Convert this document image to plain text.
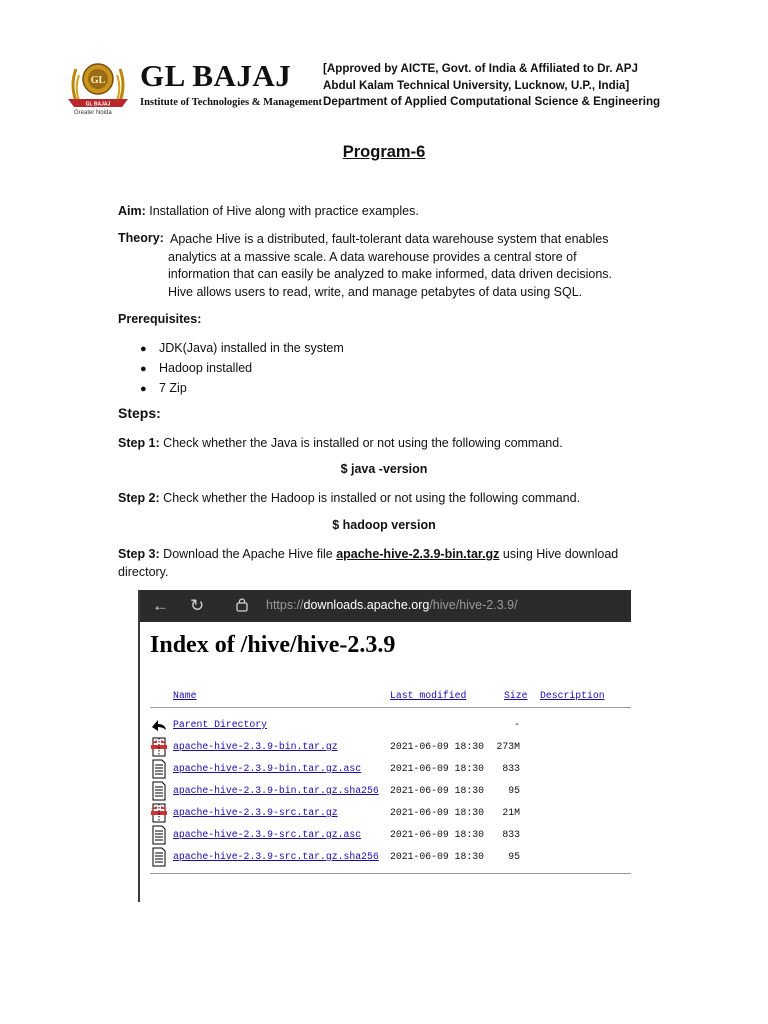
GL
GL BAJAJ
GL BAJAJ
Institute of Technologies & Management
Greater Noida
[Approved by AICTE, Govt. of India & Affiliated to Dr. APJ
Abdul Kalam Technical University, Lucknow, U.P., India]
Department of Applied Computational Science & Engineering
Program-6
Aim: Installation of Hive along with practice examples.
Theory: Apache Hive is a distributed, fault-tolerant data warehouse system that enables
analytics at a massive scale. A data warehouse provides a central store of
information that can easily be analyzed to make informed, data driven decisions.
Hive allows users to read, write, and manage petabytes of data using SQL.
Prerequisites:
● JDK(Java) installed in the system
● Hadoop installed
● 7 Zip
Steps:
Step 1: Check whether the Java is installed or not using the following command.
$ java -version
Step 2: Check whether the Hadoop is installed or not using the following command.
$ hadoop version
Step 3: Download the Apache Hive file apache-hive-2.3.9-bin.tar.gz using Hive download directory.
← ↻	https://downloads.apache.org/hive/hive-2.3.9/
Index of /hive/hive-2.3.9
Name	Last modified	Size Description
Parent Directory	-
apache-hive-2.3.9-bin.tar.gz	2021-06-09 18:30	273M
apache-hive-2.3.9-bin.tar.gz.asc	2021-06-09 18:30	833
apache-hive-2.3.9-bin.tar.gz.sha256 2021-06-09 18:30	95
apache-hive-2.3.9-src.tar.gz	2021-06-09 18:30	21M
apache-hive-2.3.9-src.tar.gz.asc	2021-06-09 18:30	833
apache-hive-2.3.9-src.tar.gz.sha256 2021-06-09 18:30	95
